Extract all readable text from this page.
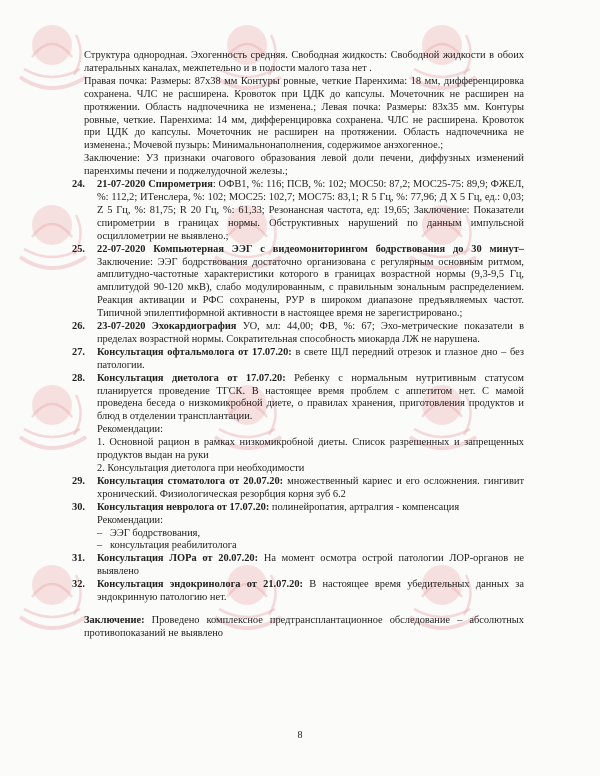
Структура однородная. Эхогенность средняя. Свободная жидкость: Свободной жидкости в обоих латеральных каналах, межпетельно и в полости малого таза нет .

Правая почка: Размеры: 87х38 мм Контуры ровные, четкие Паренхима: 18 мм, дифференцировка сохранена. ЧЛС не расширена. Кровоток при ЦДК до капсулы. Мочеточник не расширен на протяжении. Область надпочечника не изменена.; Левая почка: Размеры: 83х35 мм. Контуры ровные, четкие. Паренхима: 14 мм, дифференцировка сохранена. ЧЛС не расширена. Кровоток при ЦДК до капсулы. Мочеточник не расширен на протяжении. Область надпочечника не изменена.; Мочевой пузырь: Минимальнонаполнения, содержимое анэхогенное.;

Заключение: УЗ признаки очагового образования левой доли печени, диффузных изменений паренхимы печени и поджелудочной железы.;

24. 21-07-2020 Спирометрия: ОФВ1, %: 116; ПСВ, %: 102; МОС50: 87,2; МОС25-75: 89,9; ФЖЕЛ, %: 112,2; ИТенслера, %: 102; МОС25: 102,7; МОС75: 83,1; R 5 Гц, %: 77,96; Д Х 5 Гц, ед.: 0,03; Z 5 Гц, %: 81,75; R 20 Гц, %: 61,33; Резонансная частота, ед: 19,65; Заключение: Показатели спирометрии в границах нормы. Обструктивных нарушений по данным импульсной осциллометрии не выявлено.;
25. 22-07-2020 Компьютерная ЭЭГ с видеомониторингом бодрствования до 30 минут– Заключение: ЭЭГ бодрствования достаточно организована с регулярным основным ритмом, амплитудно-частотные характеристики которого в границах возрастной нормы (9,3-9,5 Гц, амплитудой 90-120 мкВ), слабо модулированным, с правильным зональным распределением. Реакция активации и РФС сохранены, РУР в широком диапазоне предъявляемых частот. Типичной эпилептиформной активности в настоящее время не зарегистрировано.;
26. 23-07-2020 Эхокардиография УО, мл: 44,00; ФВ, %: 67; Эхо-метрические показатели в пределах возрастной нормы. Сократительная способность миокарда ЛЖ не нарушена.
27. Консультация офтальмолога от 17.07.20: в свете ЩЛ передний отрезок и глазное дно – без патологии.
28. Консультация диетолога от 17.07.20: Ребенку с нормальным нутритивным статусом планируется проведение ТГСК. В настоящее время проблем с аппетитом нет. С мамой проведена беседа о низкомикробной диете, о правилах хранения, приготовления продуктов и блюд в отделении трансплантации.

Рекомендации:

1. Основной рацион в рамках низкомикробной диеты. Список разрешенных и запрещенных продуктов выдан на руки

2. Консультация диетолога при необходимости

29. Консультация стоматолога от 20.07.20: множественный кариес и его осложнения. гингивит хронический. Физиологическая резорбция корня зуб 6.2
30. Консультация невролога от 17.07.20: полинейропатия, артралгия - компенсация

Рекомендации:

– ЭЭГ бодрствования,

– консультация реабилитолога

31. Консультация ЛОРа от 20.07.20: На момент осмотра острой патологии ЛОР-органов не выявлено
32. Консультация эндокринолога от 21.07.20: В настоящее время убедительных данных за эндокринную патологию нет.

Заключение: Проведено комплексное предтрансплантационное обследование – абсолютных противопоказаний не выявлено

8
